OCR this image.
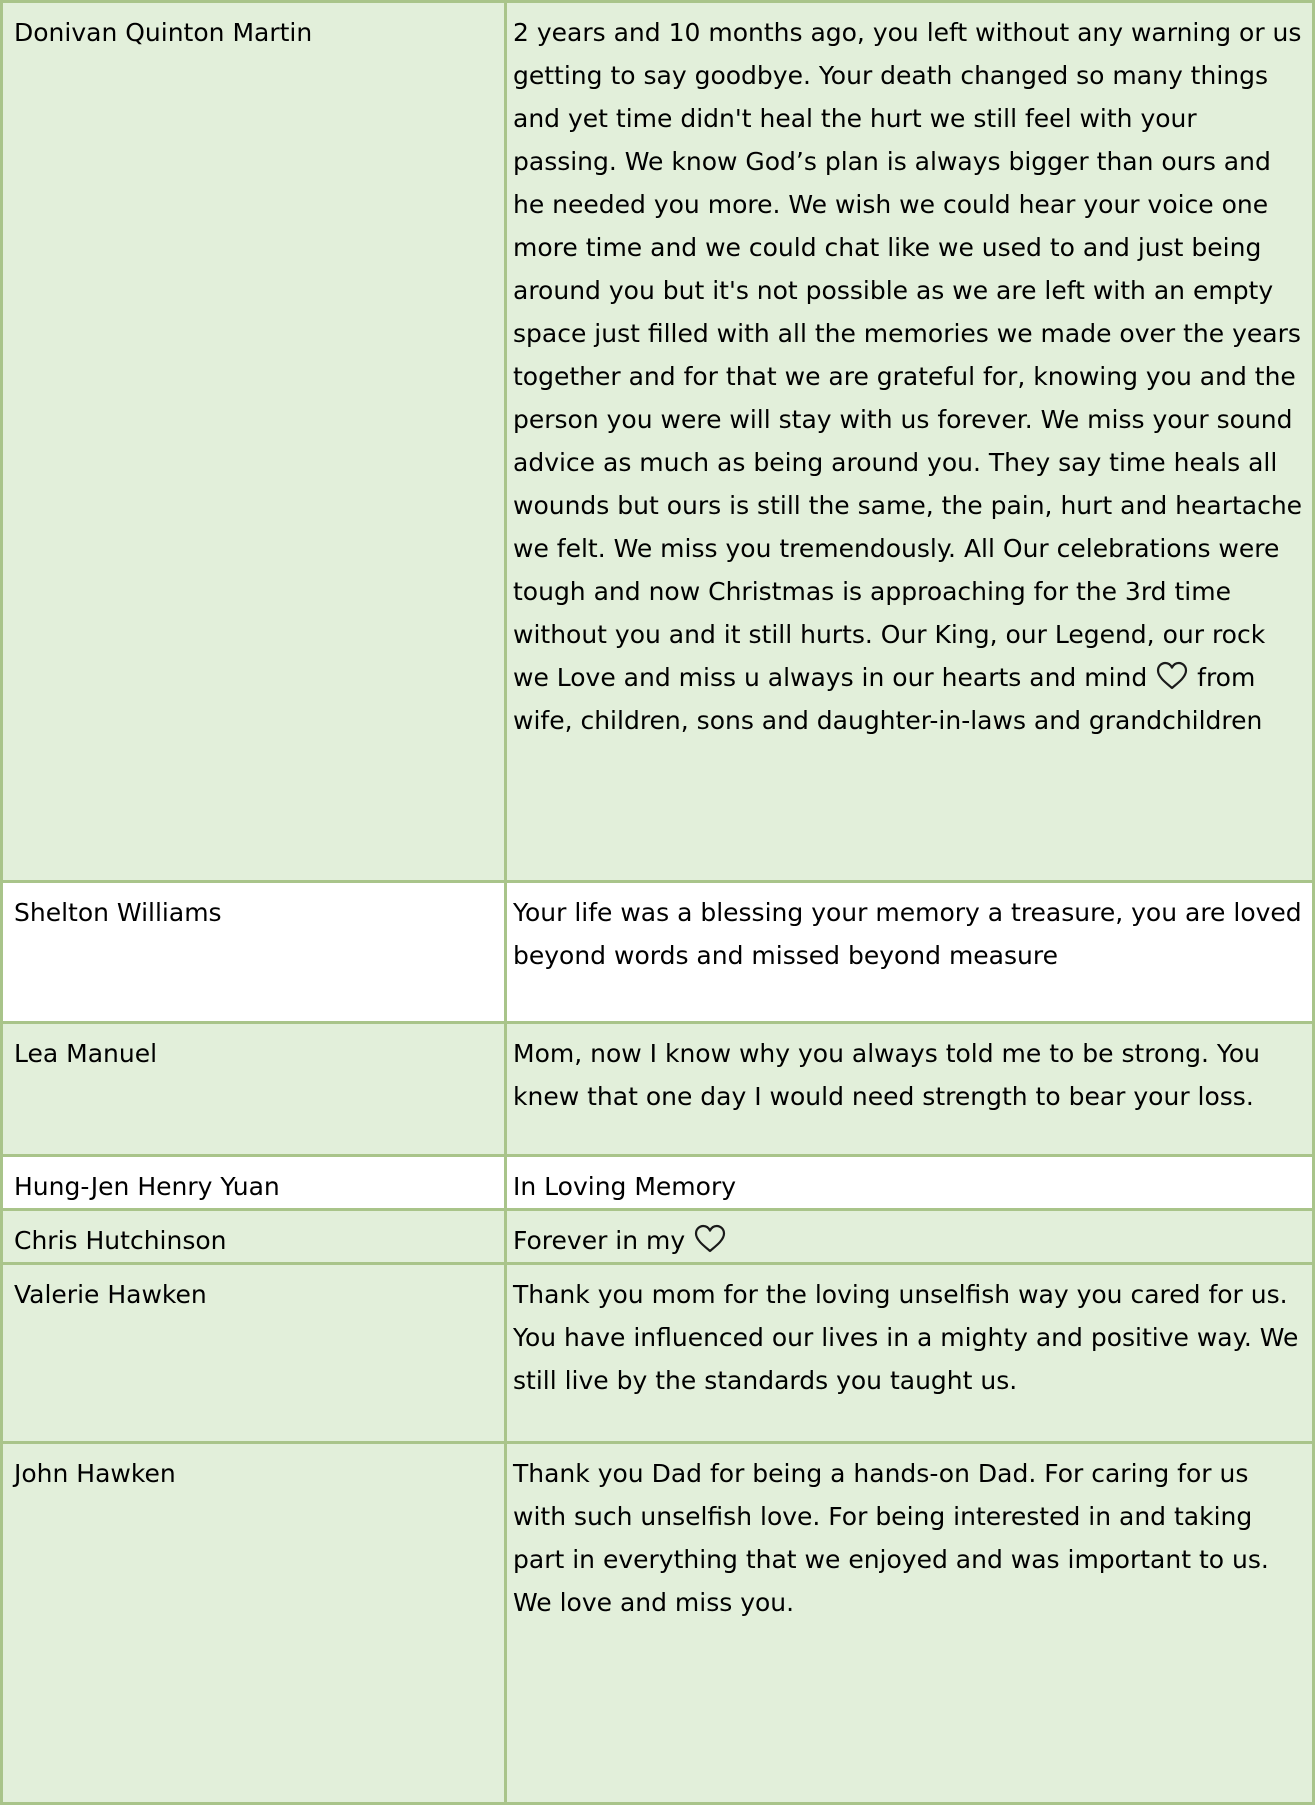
Donivan Quinton Martin	2 years and 10 months ago, you left without any warning or us getting to say goodbye. Your death changed so many things and yet time didn't heal the hurt we still feel with your passing. We know God’s plan is always bigger than ours and he needed you more. We wish we could hear your voice one more time and we could chat like we used to and just being around you but it's not possible as we are left with an empty space just filled with all the memories we made over the years together and for that we are grateful for, knowing you and the person you were will stay with us forever. We miss your sound advice as much as being around you. They say time heals all wounds but ours is still the same, the pain, hurt and heartache we felt. We miss you tremendously. All Our celebrations were tough and now Christmas is approaching for the 3rd time without you and it still hurts. Our King, our Legend, our rock we Love and miss u always in our hearts and mind from wife, children, sons and daughter-in-laws and grandchildren
Shelton Williams	Your life was a blessing your memory a treasure, you are loved beyond words and missed beyond measure
Lea Manuel	Mom, now I know why you always told me to be strong. You knew that one day I would need strength to bear your loss.
Hung-Jen Henry Yuan	In Loving Memory
Chris Hutchinson	Forever in my

Valerie Hawken	Thank you mom for the loving unselfish way you cared for us. You have influenced our lives in a mighty and positive way. We still live by the standards you taught us.
John Hawken	Thank you Dad for being a hands-on Dad. For caring for us with such unselfish love. For being interested in and taking part in everything that we enjoyed and was important to us. We love and miss you.
